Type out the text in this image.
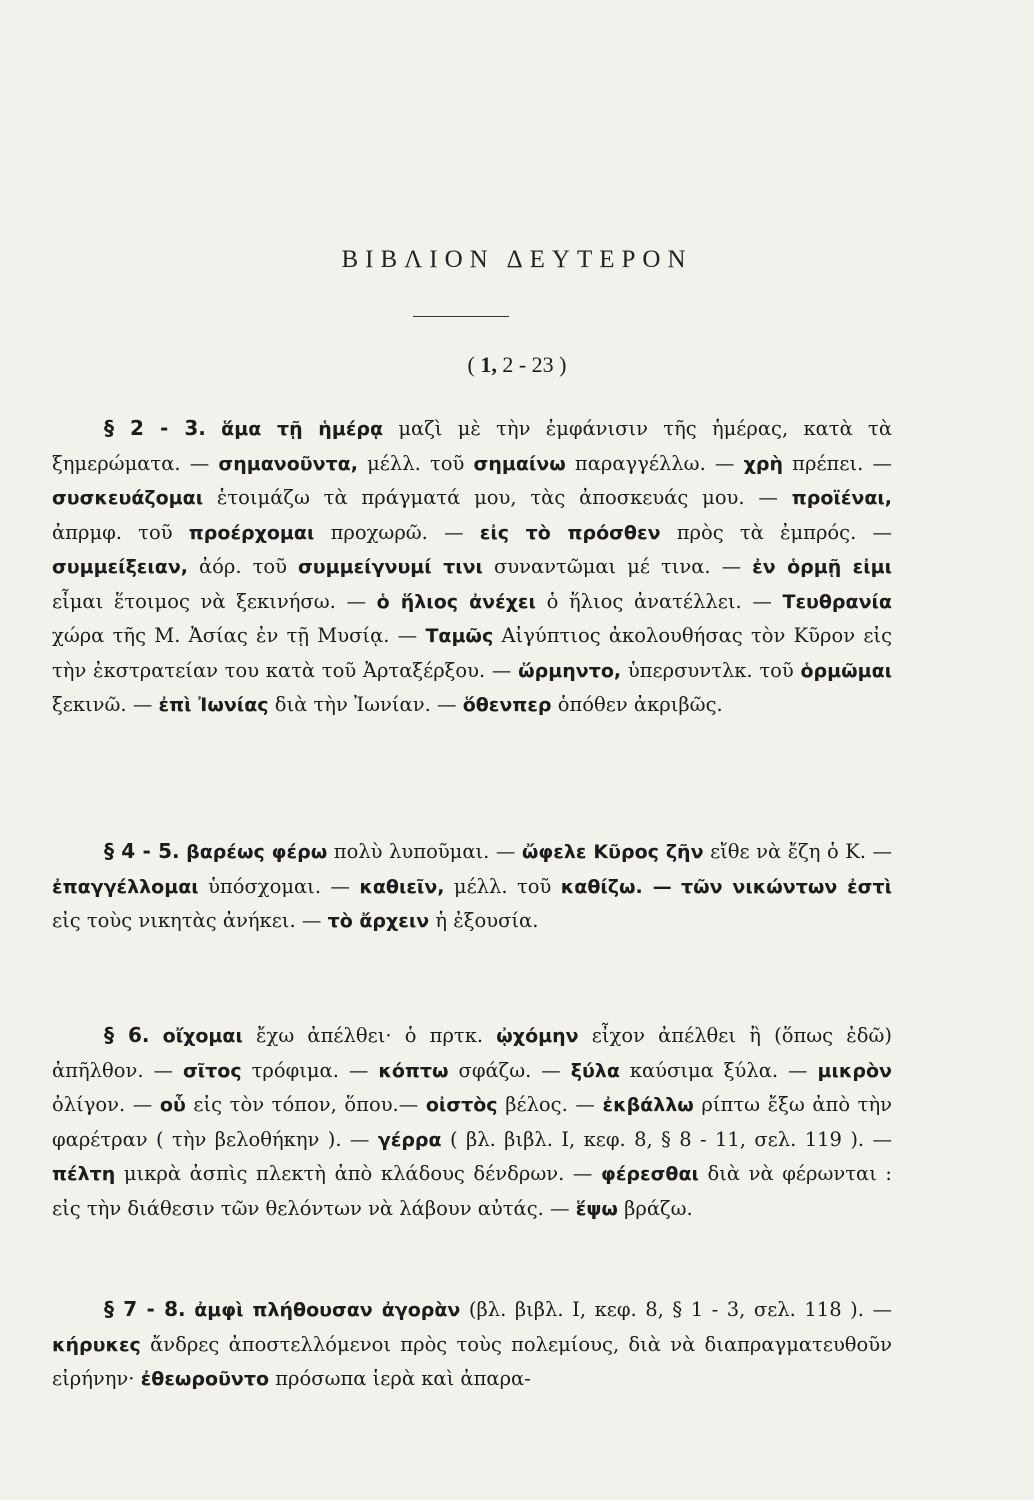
ΒΙΒΛΙΟΝ ΔΕΥΤΕΡΟΝ
( 1, 2 - 23 )

§ 2 - 3. ἅμα τῇ ἡμέρᾳ μαζὶ μὲ τὴν ἐμφάνισιν τῆς ἡμέρας, κατὰ τὰ ξημερώματα. — σημανοῦντα, μέλλ. τοῦ σημαίνω παραγγέλλω. — χρὴ πρέπει. — συσκευάζομαι ἑτοιμάζω τὰ πράγματά μου, τὰς ἀποσκευάς μου. — προϊέναι, ἀπρμφ. τοῦ προέρχομαι προχωρῶ. — εἰς τὸ πρόσθεν πρὸς τὰ ἐμπρός. — συμμείξειαν, ἀόρ. τοῦ συμμείγνυμί τινι συναντῶμαι μέ τινα. — ἐν ὁρμῇ εἰμι εἶμαι ἕτοιμος νὰ ξεκινήσω. — ὁ ἥλιος ἀνέχει ὁ ἥλιος ἀνατέλλει. — Τευθρανία χώρα τῆς Μ. Ἀσίας ἐν τῇ Μυσίᾳ. — Ταμῶς Αἰγύπτιος ἀκολουθήσας τὸν Κῦρον εἰς τὴν ἐκστρατείαν του κατὰ τοῦ Ἀρταξέρξου. — ὥρμηντο, ὑπερσυντλκ. τοῦ ὁρμῶμαι ξεκινῶ. — ἐπὶ Ἰωνίας διὰ τὴν Ἰωνίαν. — ὅθενπερ ὁπόθεν ἀκριβῶς.

§ 4 - 5. βαρέως φέρω πολὺ λυποῦμαι. — ὤφελε Κῦρος ζῆν εἴθε νὰ ἔζη ὁ Κ. — ἐπαγγέλλομαι ὑπόσχομαι. — καθιεῖν, μέλλ. τοῦ καθίζω. — τῶν νικώντων ἐστὶ εἰς τοὺς νικητὰς ἀνήκει. — τὸ ἄρχειν ἡ ἐξουσία.

§ 6. οἴχομαι ἔχω ἀπέλθει· ὁ πρτκ. ᾠχόμην εἶχον ἀπέλθει ἢ (ὅπως ἐδῶ) ἀπῆλθον. — σῖτος τρόφιμα. — κόπτω σφάζω. — ξύλα καύσιμα ξύλα. — μικρὸν ὀλίγον. — οὗ εἰς τὸν τόπον, ὅπου.— οἰστὸς βέλος. — ἐκβάλλω ρίπτω ἔξω ἀπὸ τὴν φαρέτραν ( τὴν βελοθήκην ). — γέρρα ( βλ. βιβλ. Ι, κεφ. 8, § 8 - 11, σελ. 119 ). — πέλτη μικρὰ ἀσπὶς πλεκτὴ ἀπὸ κλάδους δένδρων. — φέρεσθαι διὰ νὰ φέρωνται : εἰς τὴν διάθεσιν τῶν θελόντων νὰ λάβουν αὐτάς. — ἕψω βράζω.

§ 7 - 8. ἀμφὶ πλήθουσαν ἀγορὰν (βλ. βιβλ. Ι, κεφ. 8, § 1 - 3, σελ. 118 ). — κήρυκες ἄνδρες ἀποστελλόμενοι πρὸς τοὺς πολεμίους, διὰ νὰ διαπραγματευθοῦν εἰρήνην· ἐθεωροῦντο πρόσωπα ἱερὰ καὶ ἀπαρα-
